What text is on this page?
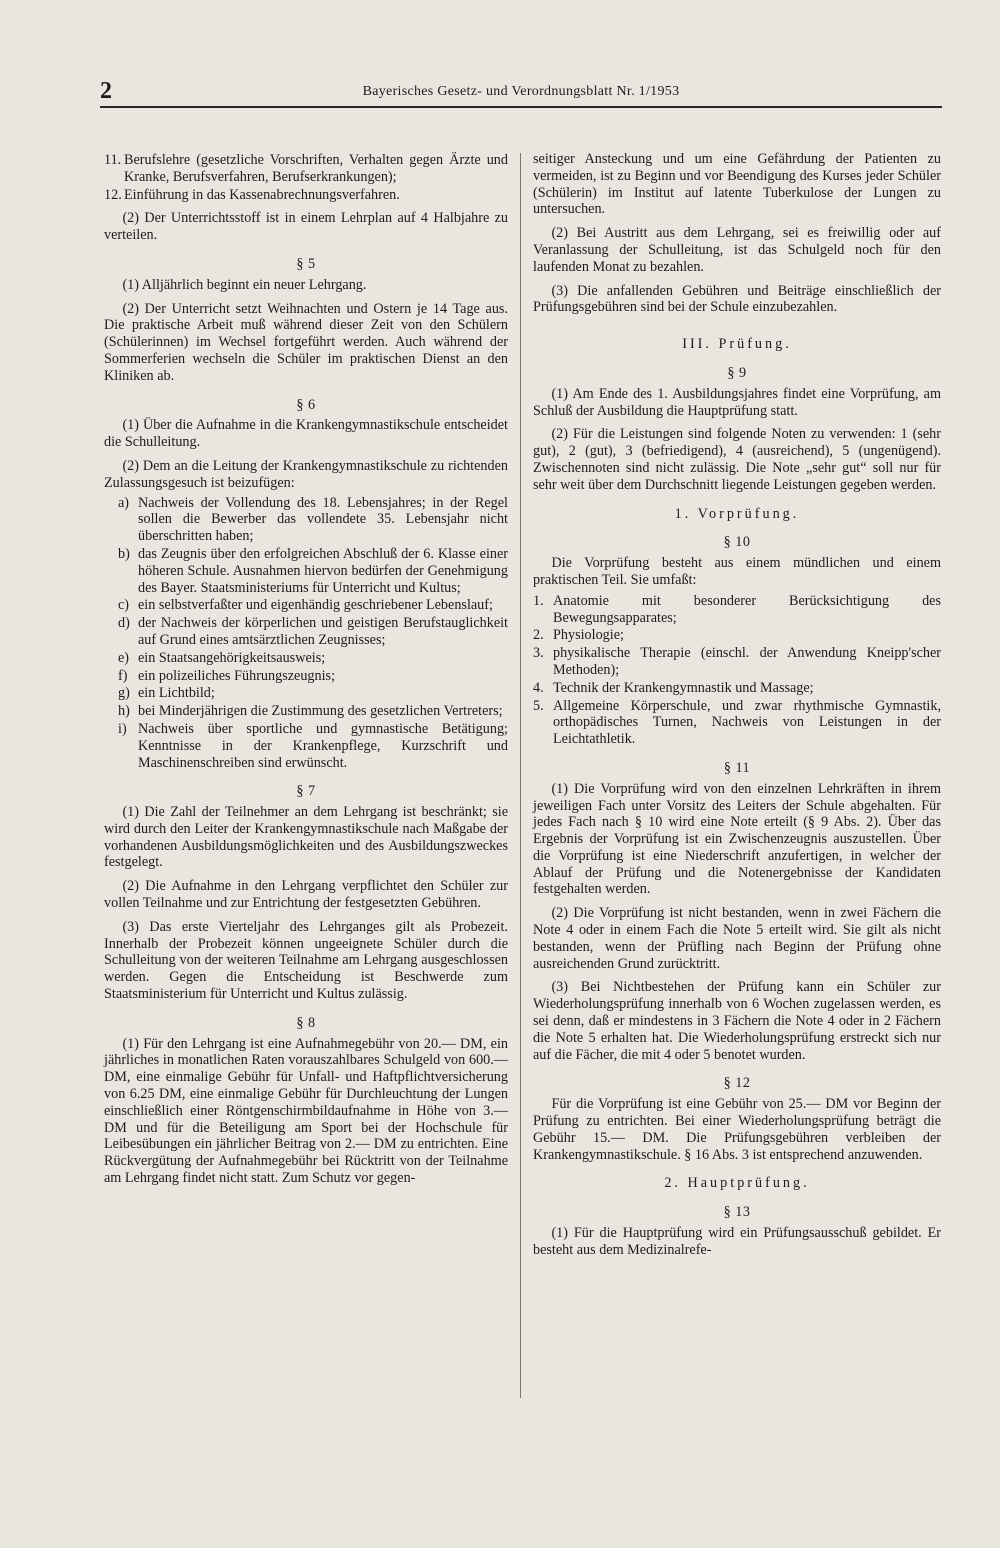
2	Bayerisches Gesetz- und Verordnungsblatt Nr. 1/1953
11. Berufslehre (gesetzliche Vorschriften, Verhalten gegen Ärzte und Kranke, Berufsverfahren, Berufserkrankungen);
12. Einführung in das Kassenabrechnungsverfahren.

(2) Der Unterrichtsstoff ist in einem Lehrplan auf 4 Halbjahre zu verteilen.

§ 5

(1) Alljährlich beginnt ein neuer Lehrgang.

(2) Der Unterricht setzt Weihnachten und Ostern je 14 Tage aus. Die praktische Arbeit muß während dieser Zeit von den Schülern (Schülerinnen) im Wechsel fortgeführt werden. Auch während der Sommerferien wechseln die Schüler im praktischen Dienst an den Kliniken ab.

§ 6

(1) Über die Aufnahme in die Krankengymnastikschule entscheidet die Schulleitung.

(2) Dem an die Leitung der Krankengymnastikschule zu richtenden Zulassungsgesuch ist beizufügen:

a) Nachweis der Vollendung des 18. Lebensjahres; in der Regel sollen die Bewerber das vollendete 35. Lebensjahr nicht überschritten haben;
b) das Zeugnis über den erfolgreichen Abschluß der 6. Klasse einer höheren Schule. Ausnahmen hiervon bedürfen der Genehmigung des Bayer. Staatsministeriums für Unterricht und Kultus;
c) ein selbstverfaßter und eigenhändig geschriebener Lebenslauf;
d) der Nachweis der körperlichen und geistigen Berufstauglichkeit auf Grund eines amtsärztlichen Zeugnisses;
e) ein Staatsangehörigkeitsausweis;
f) ein polizeiliches Führungszeugnis;
g) ein Lichtbild;
h) bei Minderjährigen die Zustimmung des gesetzlichen Vertreters;
i) Nachweis über sportliche und gymnastische Betätigung; Kenntnisse in der Krankenpflege, Kurzschrift und Maschinenschreiben sind erwünscht.
§ 7

(1) Die Zahl der Teilnehmer an dem Lehrgang ist beschränkt; sie wird durch den Leiter der Krankengymnastikschule nach Maßgabe der vorhandenen Ausbildungsmöglichkeiten und des Ausbildungszweckes festgelegt.

(2) Die Aufnahme in den Lehrgang verpflichtet den Schüler zur vollen Teilnahme und zur Entrichtung der festgesetzten Gebühren.

(3) Das erste Vierteljahr des Lehrganges gilt als Probezeit. Innerhalb der Probezeit können ungeeignete Schüler durch die Schulleitung von der weiteren Teilnahme am Lehrgang ausgeschlossen werden. Gegen die Entscheidung ist Beschwerde zum Staatsministerium für Unterricht und Kultus zulässig.

§ 8

(1) Für den Lehrgang ist eine Aufnahmegebühr von 20.— DM, ein jährliches in monatlichen Raten vorauszahlbares Schulgeld von 600.— DM, eine einmalige Gebühr für Unfall- und Haftpflichtversicherung von 6.25 DM, eine einmalige Gebühr für Durchleuchtung der Lungen einschließlich einer Röntgenschirmbildaufnahme in Höhe von 3.— DM und für die Beteiligung am Sport bei der Hochschule für Leibesübungen ein jährlicher Beitrag von 2.— DM zu entrichten. Eine Rückvergütung der Aufnahmegebühr bei Rücktritt von der Teilnahme am Lehrgang findet nicht statt. Zum Schutz vor gegen-

seitiger Ansteckung und um eine Gefährdung der Patienten zu vermeiden, ist zu Beginn und vor Beendigung des Kurses jeder Schüler (Schülerin) im Institut auf latente Tuberkulose der Lungen zu untersuchen.

(2) Bei Austritt aus dem Lehrgang, sei es freiwillig oder auf Veranlassung der Schulleitung, ist das Schulgeld noch für den laufenden Monat zu bezahlen.

(3) Die anfallenden Gebühren und Beiträge einschließlich der Prüfungsgebühren sind bei der Schule einzubezahlen.

III. Prüfung.
§ 9

(1) Am Ende des 1. Ausbildungsjahres findet eine Vorprüfung, am Schluß der Ausbildung die Hauptprüfung statt.

(2) Für die Leistungen sind folgende Noten zu verwenden: 1 (sehr gut), 2 (gut), 3 (befriedigend), 4 (ausreichend), 5 (ungenügend). Zwischennoten sind nicht zulässig. Die Note „sehr gut“ soll nur für sehr weit über dem Durchschnitt liegende Leistungen gegeben werden.

1. Vorprüfung.
§ 10

Die Vorprüfung besteht aus einem mündlichen und einem praktischen Teil. Sie umfaßt:

1. Anatomie mit besonderer Berücksichtigung des Bewegungsapparates;
2. Physiologie;
3. physikalische Therapie (einschl. der Anwendung Kneipp'scher Methoden);
4. Technik der Krankengymnastik und Massage;
5. Allgemeine Körperschule, und zwar rhythmische Gymnastik, orthopädisches Turnen, Nachweis von Leistungen in der Leichtathletik.
§ 11

(1) Die Vorprüfung wird von den einzelnen Lehrkräften in ihrem jeweiligen Fach unter Vorsitz des Leiters der Schule abgehalten. Für jedes Fach nach § 10 wird eine Note erteilt (§ 9 Abs. 2). Über das Ergebnis der Vorprüfung ist ein Zwischenzeugnis auszustellen. Über die Vorprüfung ist eine Niederschrift anzufertigen, in welcher der Ablauf der Prüfung und die Notenergebnisse der Kandidaten festgehalten werden.

(2) Die Vorprüfung ist nicht bestanden, wenn in zwei Fächern die Note 4 oder in einem Fach die Note 5 erteilt wird. Sie gilt als nicht bestanden, wenn der Prüfling nach Beginn der Prüfung ohne ausreichenden Grund zurücktritt.

(3) Bei Nichtbestehen der Prüfung kann ein Schüler zur Wiederholungsprüfung innerhalb von 6 Wochen zugelassen werden, es sei denn, daß er mindestens in 3 Fächern die Note 4 oder in 2 Fächern die Note 5 erhalten hat. Die Wiederholungsprüfung erstreckt sich nur auf die Fächer, die mit 4 oder 5 benotet wurden.

§ 12

Für die Vorprüfung ist eine Gebühr von 25.— DM vor Beginn der Prüfung zu entrichten. Bei einer Wiederholungsprüfung beträgt die Gebühr 15.— DM. Die Prüfungsgebühren verbleiben der Krankengymnastikschule. § 16 Abs. 3 ist entsprechend anzuwenden.

2. Hauptprüfung.
§ 13

(1) Für die Hauptprüfung wird ein Prüfungsausschuß gebildet. Er besteht aus dem Medizinalrefe-
